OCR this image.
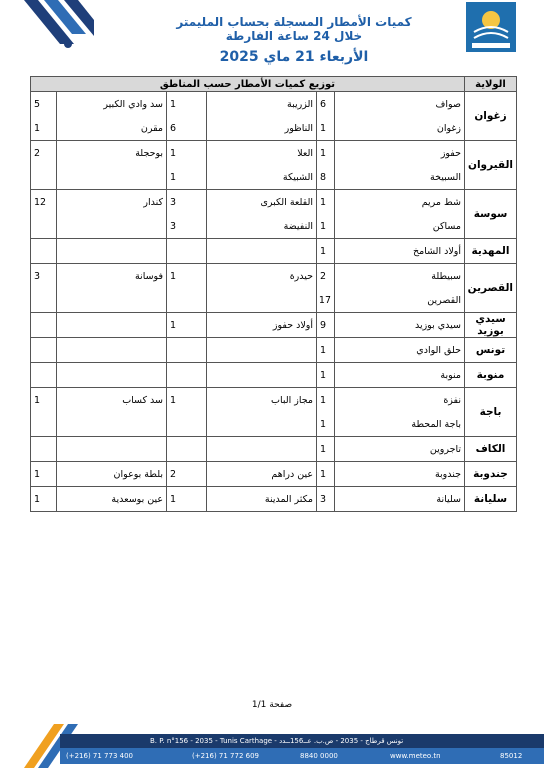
كميات الأمطار المسجلة بحساب المليمتر
خلال 24 ساعة الفارطة
الأربعاء 21 ماي 2025
الولاية	توزيع كميات الأمطار حسب المناطق					
زغوان	صواف	6	الزريبة	1	سد وادي الكبير	5
	زغوان	1	الناظور	6	مقرن	1
القيروان	حفوز	1	العلا	1	بوحجلة	2
	السبيخة	8	الشبيكة	1		
سوسة	شط مريم	1	القلعة الكبرى	3	كندار	12
	مساكن	1	النفيضة	3		
المهدية	أولاد الشامخ	1				
القصرين	سبيطلة	2	حيدرة	1	فوسانة	3
	القصرين	17				
سيدي بوزيد	سيدي بوزيد	9	أولاد حفوز	1		
تونس	حلق الوادي	1				
منوبة	منوبة	1				
باجة	نفزة	1	مجاز الباب	1	سد كساب	1
	باجة المحطة	1				
الكاف	تاجروين	1				
جندوبة	جندوبة	1	عين دراهم	2	بلطة بوعوان	1
سليانة	سليانة	3	مكثر المدينة	1	عين بوسعدية	1
صفحة 1/1
B. P. n°156 - 2035 - Tunis Carthage - تونس قرطاج - 2035 - ص.ب. عــ156ــدد
(+216) 71 773 400	(+216) 71 772 609	8840 0000	www.meteo.tn	85012
